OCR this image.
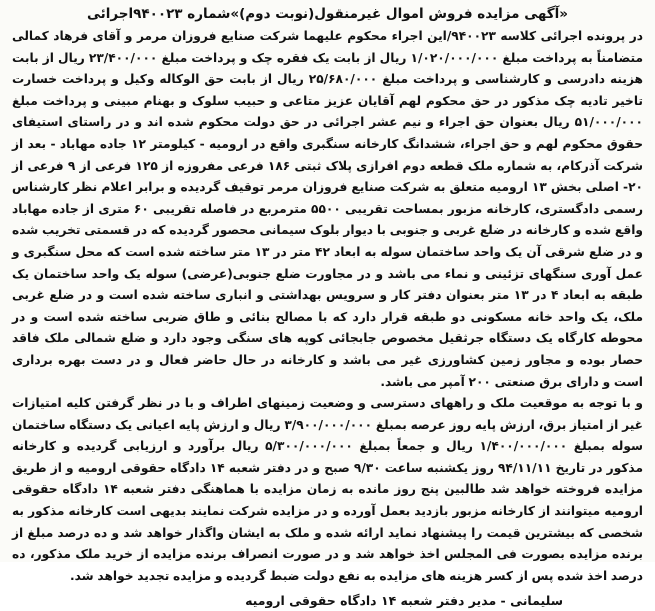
«آگهی مزایده فروش اموال غیرمنقول(نوبت دوم)»شماره ۹۴۰۰۲۳اجرائی

در پرونده اجرائی کلاسه ۹۴۰۰۲۳/این اجراء محکوم علیهما شرکت صنایع فروزان مرمر و آقای فرهاد کمالی متضامناً به پرداخت مبلغ ۱/۰۲۰/۰۰۰/۰۰۰ ریال از بابت یک فقره چک و پرداخت مبلغ ۲۳/۴۰۰/۰۰۰ ریال از بابت هزینه دادرسی و کارشناسی و پرداخت مبلغ ۲۵/۶۸۰/۰۰۰ ریال از بابت حق الوکاله وکیل و پرداخت خسارت تاخیر تادیه چک مذکور در حق محکوم لهم آقایان عزیز متاعی و حبیب سلوک و بهنام مبینی و پرداخت مبلغ ۵۱/۰۰۰/۰۰۰ ریال بعنوان حق اجراء و نیم عشر اجرائی در حق دولت محکوم شده اند و در راستای استیفای حقوق محکوم لهم و حق اجراء، ششدانگ کارخانه سنگبری واقع در ارومیه - کیلومتر ۱۲ جاده مهاباد - بعد از شرکت آذرکام، به شماره ملک قطعه دوم افرازی پلاک ثبتی ۱۸۶ فرعی مفروزه از ۱۲۵ فرعی از ۹ فرعی از ۲۰- اصلی بخش ۱۳ ارومیه متعلق به شرکت صنایع فروزان مرمر توقیف گردیده و برابر اعلام نظر کارشناس رسمی دادگستری، کارخانه مزبور بمساحت تقریبی ۵۵۰۰ مترمربع در فاصله تقریبی ۶۰ متری از جاده مهاباد واقع شده و کارخانه در ضلع غربی و جنوبی با دیوار بلوک سیمانی محصور گردیده که در قسمتی تخریب شده و در ضلع شرقی آن یک واحد ساختمان سوله به ابعاد ۴۲ متر در ۱۳ متر ساخته شده است که محل سنگبری و عمل آوری سنگهای تزئینی و نماء می باشد و در مجاورت ضلع جنوبی(عرضی) سوله یک واحد ساختمان یک طبقه به ابعاد ۴ در ۱۳ متر بعنوان دفتر کار و سرویس بهداشتی و انباری ساخته شده است و در ضلع غربی ملک، یک واحد خانه مسکونی دو طبقه قرار دارد که با مصالح بنائی و طاق ضربی ساخته شده است و در محوطه کارگاه یک دستگاه جرثقیل مخصوص جابجائی کوپه های سنگی وجود دارد و ضلع شمالی ملک فاقد حصار بوده و مجاور زمین کشاورزی غیر می باشد و کارخانه در حال حاضر فعال و در دست بهره برداری است و دارای برق صنعتی ۲۰۰ آمپر می باشد.

و با توجه به موقعیت ملک و راههای دسترسی و وضعیت زمینهای اطراف و با در نظر گرفتن کلیه امتیازات غیر از امتیاز برق، ارزش پایه روز عرصه بمبلغ ۳/۹۰۰/۰۰۰/۰۰۰ ریال و ارزش پایه اعیانی یک دستگاه ساختمان سوله بمبلغ ۱/۴۰۰/۰۰۰/۰۰۰ ریال و جمعاً بمبلغ ۵/۳۰۰/۰۰۰/۰۰۰ ریال برآورد و ارزیابی گردیده و کارخانه مذکور در تاریخ ۹۴/۱۱/۱۱ روز یکشنبه ساعت ۹/۳۰ صبح و در دفتر شعبه ۱۴ دادگاه حقوقی ارومیه و از طریق مزایده فروخته خواهد شد طالبین پنج روز مانده به زمان مزایده با هماهنگی دفتر شعبه ۱۴ دادگاه حقوقی ارومیه میتوانند از کارخانه مزبور بازدید بعمل آورده و در مزایده شرکت نمایند بدیهی است کارخانه مذکور به شخصی که بیشترین قیمت را پیشنهاد نماید ارائه شده و ملک به ایشان واگذار خواهد شد و ده درصد مبلغ از برنده مزایده بصورت فی المجلس اخذ خواهد شد و در صورت انصراف برنده مزایده از خرید ملک مذکور، ده درصد اخذ شده پس از کسر هزینه های مزایده به نفع دولت ضبط گردیده و مزایده تجدید خواهد شد.

سلیمانی - مدیر دفتر شعبه ۱۴ دادگاه حقوقی ارومیه
